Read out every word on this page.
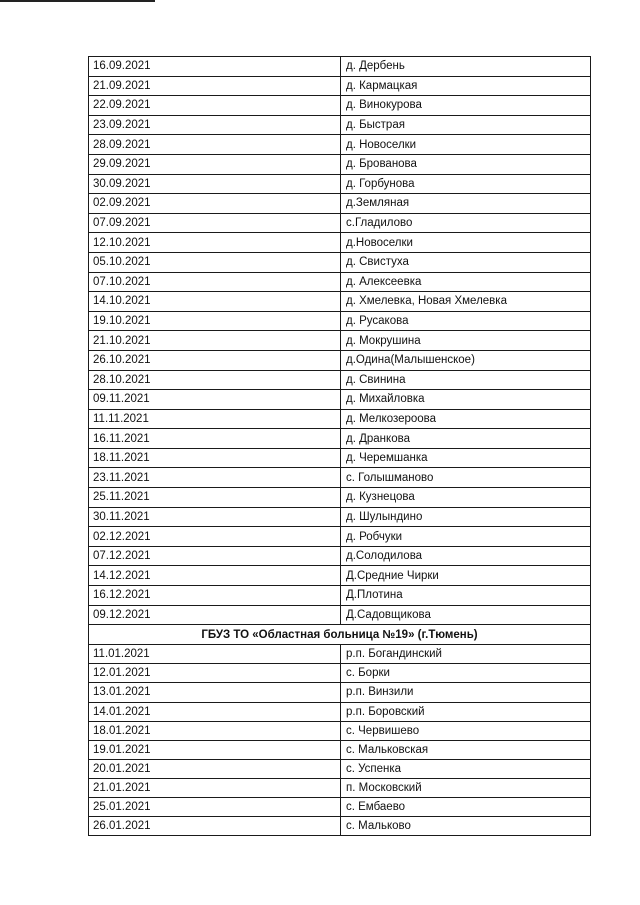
16.09.2021	д. Дербень
21.09.2021	д. Кармацкая
22.09.2021	д. Винокурова
23.09.2021	д. Быстрая
28.09.2021	д. Новоселки
29.09.2021	д. Брованова
30.09.2021	д. Горбунова
02.09.2021	д.Земляная
07.09.2021	с.Гладилово
12.10.2021	д.Новоселки
05.10.2021	д. Свистуха
07.10.2021	д. Алексеевка
14.10.2021	д. Хмелевка, Новая Хмелевка
19.10.2021	д. Русакова
21.10.2021	д. Мокрушина
26.10.2021	д.Одина(Малышенское)
28.10.2021	д. Свинина
09.11.2021	д. Михайловка
11.11.2021	д. Мелкозероова
16.11.2021	д. Дранкова
18.11.2021	д. Черемшанка
23.11.2021	с. Голышманово
25.11.2021	д. Кузнецова
30.11.2021	д. Шулындино
02.12.2021	д. Робчуки
07.12.2021	д.Солодилова
14.12.2021	Д.Средние Чирки
16.12.2021	Д.Плотина
09.12.2021	Д.Садовщикова
ГБУЗ ТО «Областная больница №19» (г.Тюмень)	
11.01.2021	р.п. Богандинский
12.01.2021	с. Борки
13.01.2021	р.п. Винзили
14.01.2021	р.п. Боровский
18.01.2021	с. Червишево
19.01.2021	с. Мальковская
20.01.2021	с. Успенка
21.01.2021	п. Московский
25.01.2021	с. Ембаево
26.01.2021	с. Мальково
